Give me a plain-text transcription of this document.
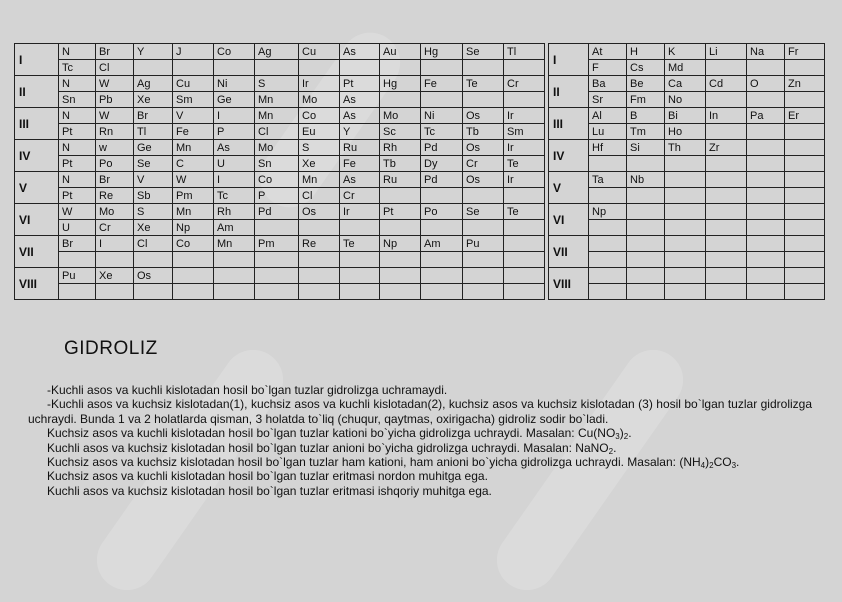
I	N	Br	Y	J	Co	Ag	Cu	As	Au	Hg	Se	Tl
	Tc	Cl										
II	N	W	Ag	Cu	Ni	S	Ir	Pt	Hg	Fe	Te	Cr
	Sn	Pb	Xe	Sm	Ge	Mn	Mo	As				
III	N	W	Br	V	I	Mn	Co	As	Mo	Ni	Os	Ir
	Pt	Rn	Tl	Fe	P	Cl	Eu	Y	Sc	Tc	Tb	Sm
IV	N	w	Ge	Mn	As	Mo	S	Ru	Rh	Pd	Os	Ir
	Pt	Po	Se	C	U	Sn	Xe	Fe	Tb	Dy	Cr	Te
V	N	Br	V	W	I	Co	Mn	As	Ru	Pd	Os	Ir
	Pt	Re	Sb	Pm	Tc	P	Cl	Cr				
VI	W	Mo	S	Mn	Rh	Pd	Os	Ir	Pt	Po	Se	Te
	U	Cr	Xe	Np	Am							
VII	Br	I	Cl	Co	Mn	Pm	Re	Te	Np	Am	Pu	

VIII	Pu	Xe	Os									

I	At	H	K	Li	Na	Fr
	F	Cs	Md			
II	Ba	Be	Ca	Cd	O	Zn
	Sr	Fm	No			
III	Al	B	Bi	In	Pa	Er
	Lu	Tm	Ho			
IV	Hf	Si	Th	Zr		

V	Ta	Nb				

VI	Np					

VII						

VIII						

GIDROLIZ

-Kuchli asos va kuchli kislotadan hosil bo`lgan tuzlar gidrolizga uchramaydi.

-Kuchli asos va kuchsiz kislotadan(1), kuchsiz asos va kuchli kislotadan(2), kuchsiz asos va kuchsiz kislotadan (3) hosil bo`lgan tuzlar gidrolizga uchraydi. Bunda 1 va 2 holatlarda qisman, 3 holatda to`liq (chuqur, qaytmas, oxirigacha) gidroliz sodir bo`ladi.

Kuchsiz asos va kuchli kislotadan hosil bo`lgan tuzlar kationi bo`yicha gidrolizga uchraydi. Masalan: $Cu(NO_3)_2$.

Kuchli asos va kuchsiz kislotadan hosil bo`lgan tuzlar anioni bo`yicha gidrolizga uchraydi. Masalan: NaNO$_2$.

Kuchsiz asos va kuchsiz kislotadan hosil bo`lgan tuzlar ham kationi, ham anioni bo`yicha gidrolizga uchraydi. Masalan: $(NH_4)_2CO_3$.

Kuchsiz asos va kuchli kislotadan hosil bo`lgan tuzlar eritmasi nordon muhitga ega.

Kuchli asos va kuchsiz kislotadan hosil bo`lgan tuzlar eritmasi ishqoriy muhitga ega.
